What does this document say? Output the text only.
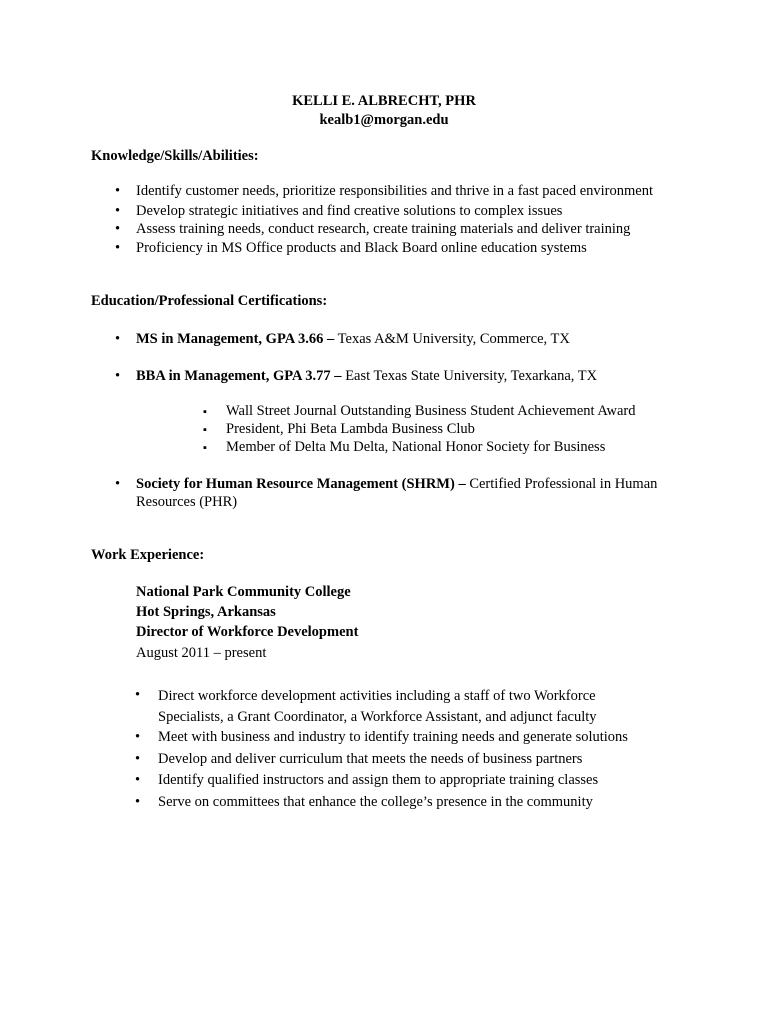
KELLI E. ALBRECHT, PHR
kealb1@morgan.edu
Knowledge/Skills/Abilities:
•
Identify customer needs, prioritize responsibilities and thrive in a fast paced environment
•
Develop strategic initiatives and find creative solutions to complex issues
•
Assess training needs, conduct research, create training materials and deliver training
•
Proficiency in MS Office products and Black Board online education systems
Education/Professional Certifications:
•
MS in Management, GPA 3.66 – Texas A&M University, Commerce, TX
•
BBA in Management, GPA 3.77 – East Texas State University, Texarkana, TX
▪
Wall Street Journal Outstanding Business Student Achievement Award
▪
President, Phi Beta Lambda Business Club
▪
Member of Delta Mu Delta, National Honor Society for Business
•
Society for Human Resource Management (SHRM) – Certified Professional in Human Resources (PHR)
Work Experience:
National Park Community College
Hot Springs, Arkansas
Director of Workforce Development
August 2011 – present
•
Direct workforce development activities including a staff of two Workforce Specialists, a Grant Coordinator, a Workforce Assistant, and adjunct faculty
•
Meet with business and industry to identify training needs and generate solutions
•
Develop and deliver curriculum that meets the needs of business partners
•
Identify qualified instructors and assign them to appropriate training classes
•
Serve on committees that enhance the college’s presence in the community
